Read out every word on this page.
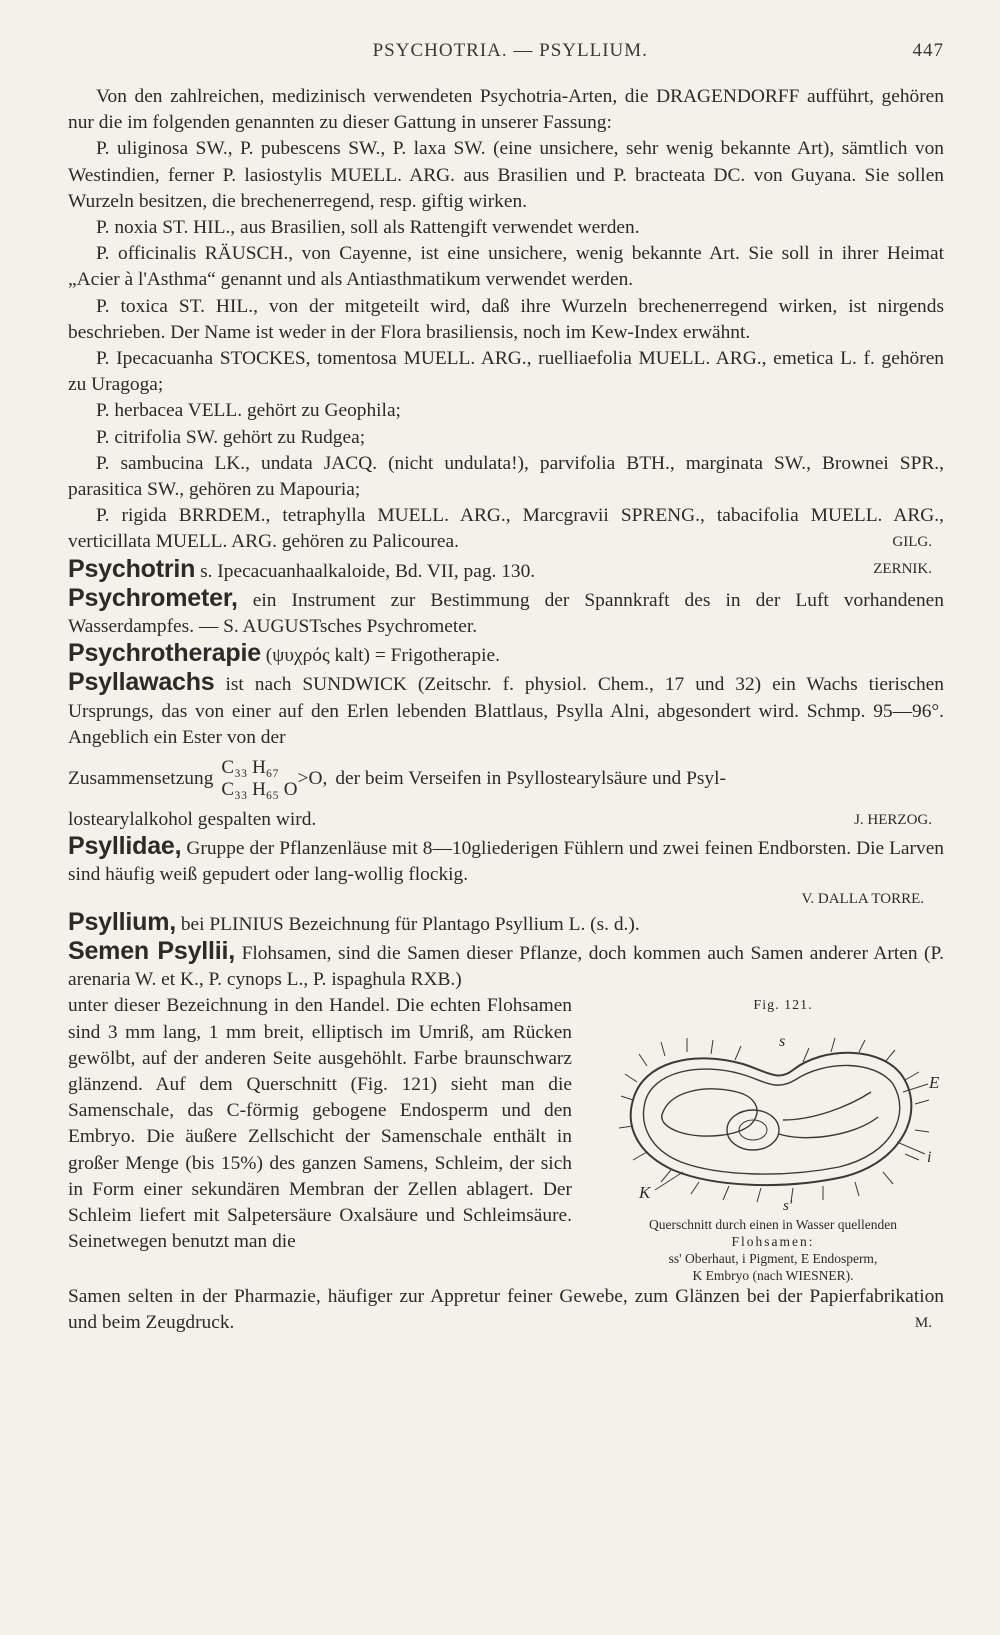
PSYCHOTRIA. — PSYLLIUM.	447

Von den zahlreichen, medizinisch verwendeten Psychotria-Arten, die DRAGENDORFF aufführt, gehören nur die im folgenden genannten zu dieser Gattung in unserer Fassung:

P. uliginosa SW., P. pubescens SW., P. laxa SW. (eine unsichere, sehr wenig bekannte Art), sämtlich von Westindien, ferner P. lasiostylis MUELL. ARG. aus Brasilien und P. bracteata DC. von Guyana. Sie sollen Wurzeln besitzen, die brechenerregend, resp. giftig wirken.

P. noxia ST. HIL., aus Brasilien, soll als Rattengift verwendet werden.

P. officinalis RÄUSCH., von Cayenne, ist eine unsichere, wenig bekannte Art. Sie soll in ihrer Heimat „Acier à l'Asthma“ genannt und als Antiasthmatikum verwendet werden.

P. toxica ST. HIL., von der mitgeteilt wird, daß ihre Wurzeln brechenerregend wirken, ist nirgends beschrieben. Der Name ist weder in der Flora brasiliensis, noch im Kew-Index erwähnt.

P. Ipecacuanha STOCKES, tomentosa MUELL. ARG., ruelliaefolia MUELL. ARG., emetica L. f. gehören zu Uragoga;

P. herbacea VELL. gehört zu Geophila;

P. citrifolia SW. gehört zu Rudgea;

P. sambucina LK., undata JACQ. (nicht undulata!), parvifolia BTH., marginata SW., Brownei SPR., parasitica SW., gehören zu Mapouria;

P. rigida BRRDEM., tetraphylla MUELL. ARG., Marcgravii SPRENG., tabacifolia MUELL. ARG., verticillata MUELL. ARG. gehören zu Palicourea.	GILG.

Psychotrin s. Ipecacuanhaalkaloide, Bd. VII, pag. 130.	ZERNIK.

Psychrometer, ein Instrument zur Bestimmung der Spannkraft des in der Luft vorhandenen Wasserdampfes. — S. AUGUSTsches Psychrometer.

Psychrotherapie (ψυχρός kalt) = Frigotherapie.

Psyllawachs ist nach SUNDWICK (Zeitschr. f. physiol. Chem., 17 und 32) ein Wachs tierischen Ursprungs, das von einer auf den Erlen lebenden Blattlaus, Psylla Alni, abgesondert wird. Schmp. 95—96°. Angeblich ein Ester von der

Zusammensetzung
C₃₃ H₆₇
C₃₃ H₆₅ O
>O, der beim Verseifen in Psyllostearylsäure und Psyl-

lostearylalkohol gespalten wird.	J. HERZOG.

Psyllidae, Gruppe der Pflanzenläuse mit 8—10gliederigen Fühlern und zwei feinen Endborsten. Die Larven sind häufig weiß gepudert oder lang-wollig flockig.

V. DALLA TORRE.

Psyllium, bei PLINIUS Bezeichnung für Plantago Psyllium L. (s. d.).

Semen Psyllii, Flohsamen, sind die Samen dieser Pflanze, doch kommen auch Samen anderer Arten (P. arenaria W. et K., P. cynops L., P. ispaghula RXB.)

Fig. 121.
s
E
i
K
s'
Querschnitt durch einen in Wasser quellenden
Flohsamen:
ss' Oberhaut, i Pigment, E Endosperm,
K Embryo (nach WIESNER).

unter dieser Bezeichnung in den Handel. Die echten Flohsamen sind 3 mm lang, 1 mm breit, elliptisch im Umriß, am Rücken gewölbt, auf der anderen Seite ausgehöhlt. Farbe braunschwarz glänzend. Auf dem Querschnitt (Fig. 121) sieht man die Samenschale, das C-förmig gebogene Endosperm und den Embryo. Die äußere Zellschicht der Samenschale enthält in großer Menge (bis 15%) des ganzen Samens, Schleim, der sich in Form einer sekundären Membran der Zellen ablagert. Der Schleim liefert mit Salpetersäure Oxalsäure und Schleimsäure. Seinetwegen benutzt man die

Samen selten in der Pharmazie, häufiger zur Appretur feiner Gewebe, zum Glänzen bei der Papierfabrikation und beim Zeugdruck.	M.
